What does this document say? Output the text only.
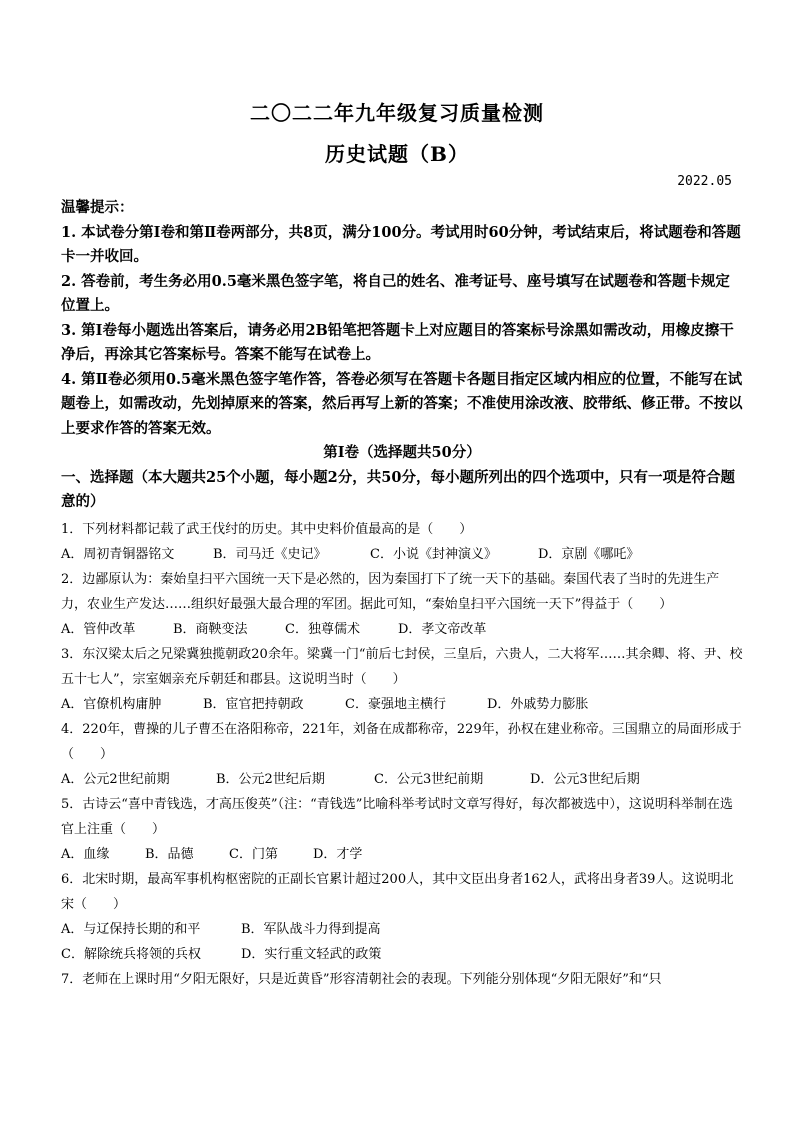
二〇二二年九年级复习质量检测
历史试题（B）
2022.05

温馨提示：

1. 本试卷分第Ⅰ卷和第Ⅱ卷两部分，共8页，满分100分。考试用时60分钟，考试结束后，将试题卷和答题卡一并收回。

2. 答卷前，考生务必用0.5毫米黑色签字笔，将自己的姓名、准考证号、座号填写在试题卷和答题卡规定位置上。

3. 第Ⅰ卷每小题选出答案后，请务必用2B铅笔把答题卡上对应题目的答案标号涂黑如需改动，用橡皮擦干净后，再涂其它答案标号。答案不能写在试卷上。

4. 第Ⅱ卷必须用0.5毫米黑色签字笔作答，答卷必须写在答题卡各题目指定区域内相应的位置，不能写在试题卷上，如需改动，先划掉原来的答案，然后再写上新的答案；不准使用涂改液、胶带纸、修正带。不按以上要求作答的答案无效。

第Ⅰ卷（选择题共50分）

一、选择题（本大题共25个小题，每小题2分，共50分，每小题所列出的四个选项中，只有一项是符合题意的）

1．下列材料都记载了武王伐纣的历史。其中史料价值最高的是（　　）

A．周初青铜器铭文	B．司马迁《史记》	C．小说《封神演义》	D．京剧《哪吒》

2．边鄙原认为：秦始皇扫平六国统一天下是必然的，因为秦国打下了统一天下的基础。秦国代表了当时的先进生产力，农业生产发达……组织好最强大最合理的军团。据此可知，“秦始皇扫平六国统一天下”得益于（　　）

A．管仲改革	B．商鞅变法	C．独尊儒术	D．孝文帝改革

3．东汉梁太后之兄梁冀独揽朝政20余年。梁冀一门“前后七封侯，三皇后，六贵人，二大将军……其余卿、将、尹、校五十七人”，宗室姻亲充斥朝廷和郡县。这说明当时（　　）

A．官僚机构庸肿	B．宦官把持朝政	C．豪强地主横行	D．外戚势力膨胀

4．220年，曹操的儿子曹丕在洛阳称帝，221年，刘备在成都称帝，229年，孙权在建业称帝。三国鼎立的局面形成于（　　）

A．公元2世纪前期	B．公元2世纪后期	C．公元3世纪前期	D．公元3世纪后期

5．古诗云“喜中青钱选，才高压俊英”（注：“青钱选”比喻科举考试时文章写得好，每次都被选中），这说明科举制在选官上注重（　　）

A．血缘	B．品德	C．门第	D．才学

6．北宋时期，最高军事机构枢密院的正副长官累计超过200人，其中文臣出身者162人，武将出身者39人。这说明北宋（　　）

A．与辽保持长期的和平	B．军队战斗力得到提高

C．解除统兵将领的兵权	D．实行重文轻武的政策

7．老师在上课时用“夕阳无限好，只是近黄昏”形容清朝社会的表现。下列能分别体现“夕阳无限好”和“只
